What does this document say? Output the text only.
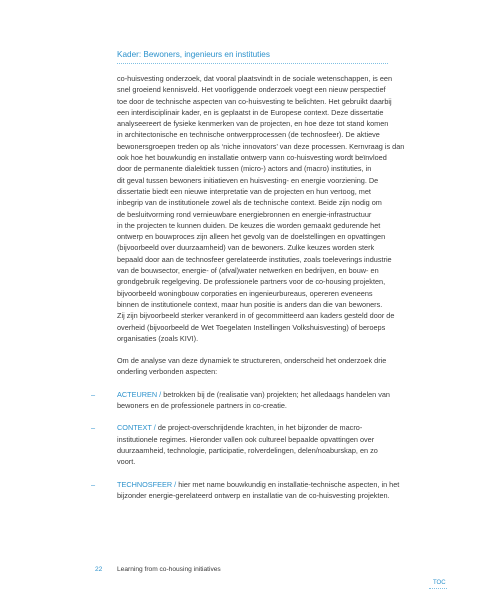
Kader: Bewoners, ingenieurs en instituties

co-huisvesting onderzoek, dat vooral plaatsvindt in de sociale wetenschappen, is een
snel groeiend kennisveld. Het voorliggende onderzoek voegt een nieuw perspectief
toe door de technische aspecten van co-huisvesting te belichten. Het gebruikt daarbij
een interdisciplinair kader, en is geplaatst in de Europese context. Deze dissertatie
analyseereert de fysieke kenmerken van de projecten, en hoe deze tot stand komen
in architectonische en technische ontwerpprocessen (de technosfeer). De aktieve
bewonersgroepen treden op als ‘niche innovators’ van deze processen. Kernvraag is dan
ook hoe het bouwkundig en installatie ontwerp vann co-huisvesting wordt beïnvloed
door de permanente dialektiek tussen (micro-) actors and (macro) instituties, in
dit geval tussen bewoners initiatieven en huisvesting- en energie voorziening. De
dissertatie biedt een nieuwe interpretatie van de projecten en hun vertoog, met
inbegrip van de institutionele zowel als de technische context. Beide zijn nodig om
de besluitvorming rond vernieuwbare energiebronnen en energie-infrastructuur
in the projecten te kunnen duiden. De keuzes die worden gemaakt gedurende het
ontwerp en bouwproces zijn alleen het gevolg van de doelstellingen en opvattingen
(bijvoorbeeld over duurzaamheid) van de bewoners. Zulke keuzes worden sterk
bepaald door aan de technosfeer gerelateerde instituties, zoals toeleverings industrie
van de bouwsector, energie- of (afval)water netwerken en bedrijven, en bouw- en
grondgebruik regelgeving. De professionele partners voor de co-housing projekten,
bijvoorbeeld woningbouw corporaties en ingenieurbureaus, opereren eveneens
binnen de institutionele context, maar hun positie is anders dan die van bewoners.
Zij zijn bijvoorbeeld sterker verankerd in of gecommitteerd aan kaders gesteld door de
overheid (bijvoorbeeld de Wet Toegelaten Instellingen Volkshuisvesting) of beroeps
organisaties (zoals KIVI).

Om de analyse van deze dynamiek te structureren, onderscheid het onderzoek drie
onderling verbonden aspecten:

–	ACTEUREN / betrokken bij de (realisatie van) projekten; het alledaags handelen van
bewoners en de professionele partners in co-creatie.

–	CONTEXT / de project-overschrijdende krachten, in het bijzonder de macro-
institutionele regimes. Hieronder vallen ook cultureel bepaalde opvattingen over
duurzaamheid, technologie, participatie, rolverdelingen, delen/noaburskap, en zo
voort.

–	TECHNOSFEER / hier met name bouwkundig en installatie-technische aspecten, in het
bijzonder energie-gerelateerd ontwerp en installatie van de co-huisvesting projekten.

22 Learning from co-housing initiatives
TOC
